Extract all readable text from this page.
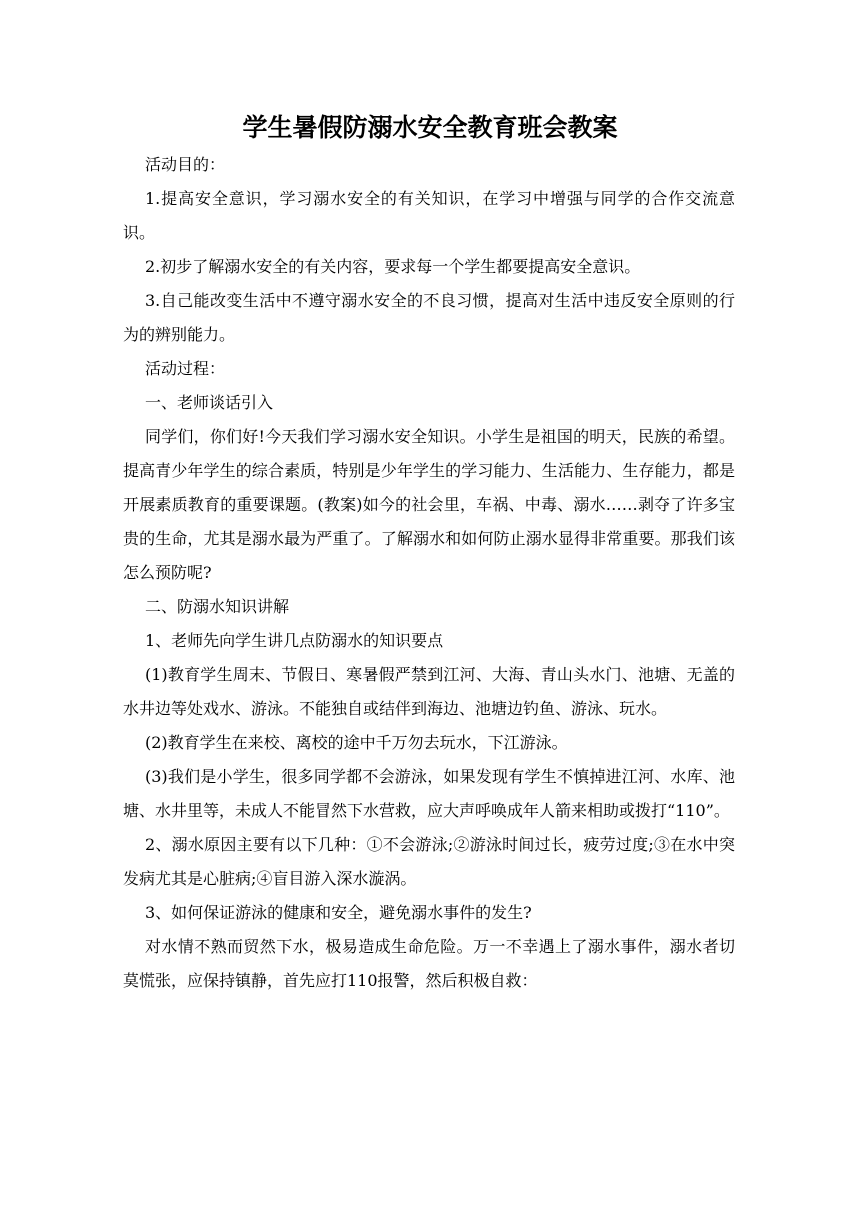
学生暑假防溺水安全教育班会教案

活动目的：

1.提高安全意识，学习溺水安全的有关知识，在学习中增强与同学的合作交流意识。

2.初步了解溺水安全的有关内容，要求每一个学生都要提高安全意识。

3.自己能改变生活中不遵守溺水安全的不良习惯，提高对生活中违反安全原则的行为的辨别能力。

活动过程：

一、老师谈话引入

同学们，你们好!今天我们学习溺水安全知识。小学生是祖国的明天，民族的希望。提高青少年学生的综合素质，特别是少年学生的学习能力、生活能力、生存能力，都是开展素质教育的重要课题。(教案)如今的社会里，车祸、中毒、溺水……剥夺了许多宝贵的生命，尤其是溺水最为严重了。了解溺水和如何防止溺水显得非常重要。那我们该怎么预防呢?

二、防溺水知识讲解

1、老师先向学生讲几点防溺水的知识要点

(1)教育学生周末、节假日、寒暑假严禁到江河、大海、青山头水门、池塘、无盖的水井边等处戏水、游泳。不能独自或结伴到海边、池塘边钓鱼、游泳、玩水。

(2)教育学生在来校、离校的途中千万勿去玩水，下江游泳。

(3)我们是小学生，很多同学都不会游泳，如果发现有学生不慎掉进江河、水库、池塘、水井里等，未成人不能冒然下水营救，应大声呼唤成年人箭来相助或拨打“110”。

2、溺水原因主要有以下几种：①不会游泳;②游泳时间过长，疲劳过度;③在水中突发病尤其是心脏病;④盲目游入深水漩涡。

3、如何保证游泳的健康和安全，避免溺水事件的发生?

对水情不熟而贸然下水，极易造成生命危险。万一不幸遇上了溺水事件，溺水者切莫慌张，应保持镇静，首先应打110报警，然后积极自救：
